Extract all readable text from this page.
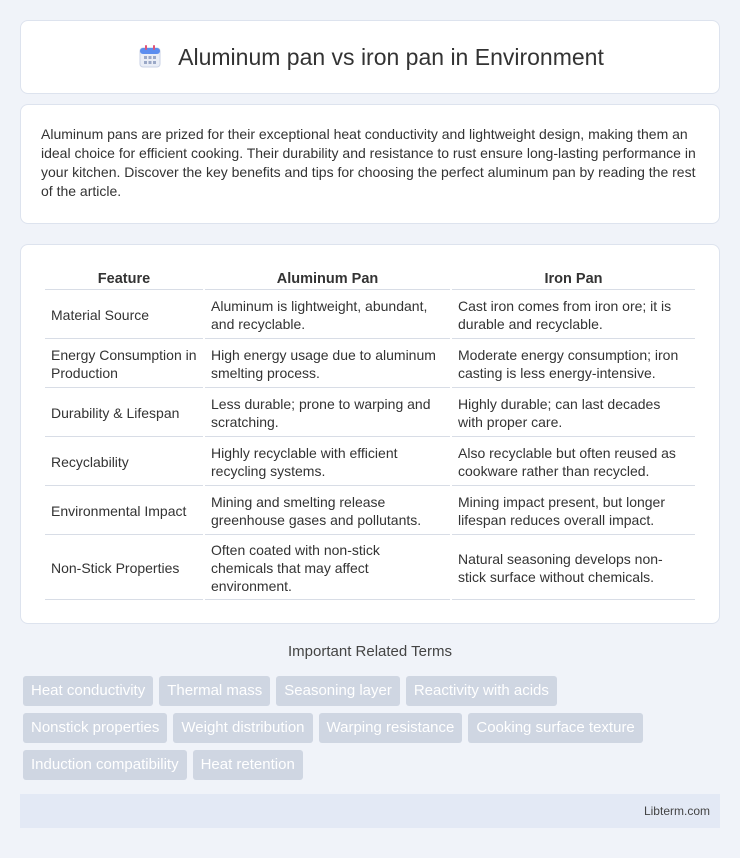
Aluminum pan vs iron pan in Environment

Aluminum pans are prized for their exceptional heat conductivity and lightweight design, making them an ideal choice for efficient cooking. Their durability and resistance to rust ensure long-lasting performance in your kitchen. Discover the key benefits and tips for choosing the perfect aluminum pan by reading the rest of the article.

Feature	Aluminum Pan	Iron Pan
Material Source	Aluminum is lightweight, abundant, and recyclable.	Cast iron comes from iron ore; it is durable and recyclable.
Energy Consumption in Production	High energy usage due to aluminum smelting process.	Moderate energy consumption; iron casting is less energy-intensive.
Durability & Lifespan	Less durable; prone to warping and scratching.	Highly durable; can last decades with proper care.
Recyclability	Highly recyclable with efficient recycling systems.	Also recyclable but often reused as cookware rather than recycled.
Environmental Impact	Mining and smelting release greenhouse gases and pollutants.	Mining impact present, but longer lifespan reduces overall impact.
Non-Stick Properties	Often coated with non-stick chemicals that may affect environment.	Natural seasoning develops non-stick surface without chemicals.
Important Related Terms
Heat conductivity	Thermal mass	Seasoning layer	Reactivity with acids
Nonstick properties	Weight distribution	Warping resistance	Cooking surface texture
Induction compatibility	Heat retention
Libterm.com
